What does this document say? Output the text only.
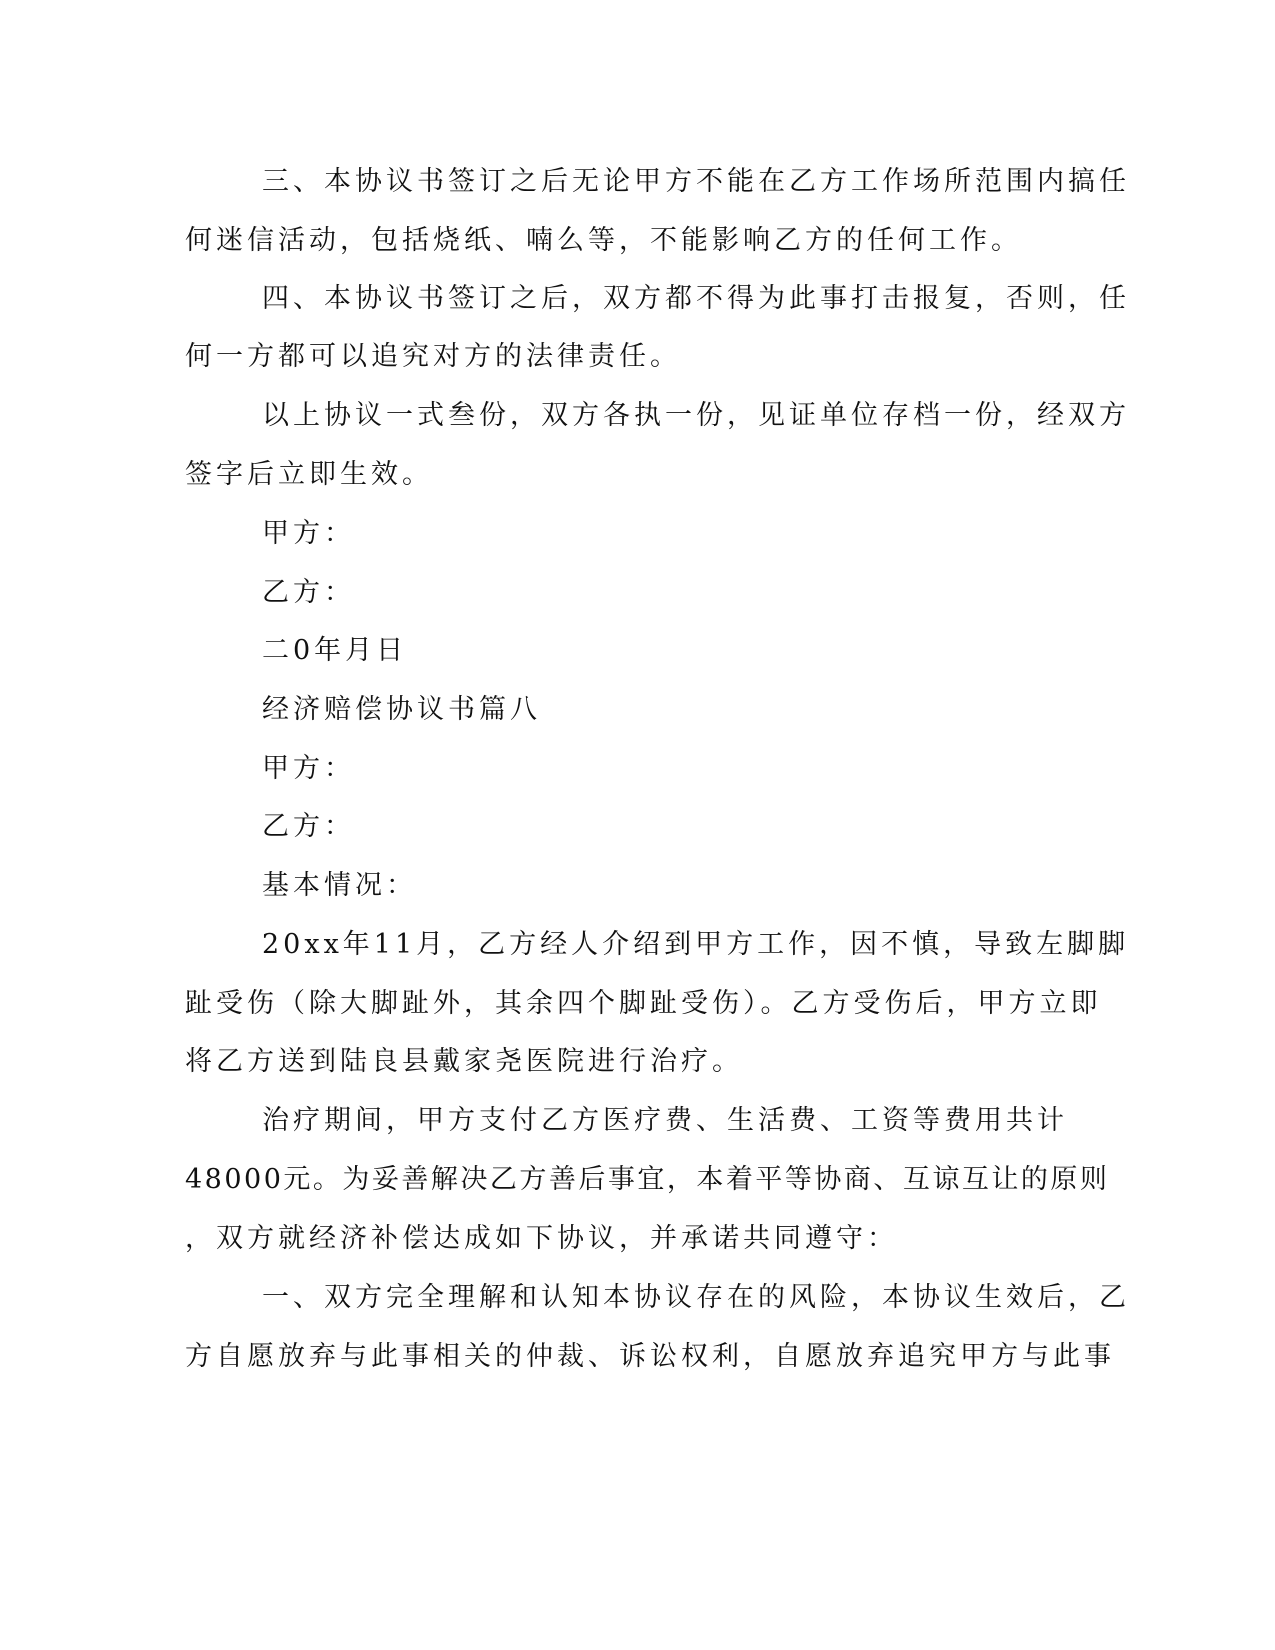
三、本协议书签订之后无论甲方不能在乙方工作场所范围内搞任
何迷信活动，包括烧纸、喃么等，不能影响乙方的任何工作。
四、本协议书签订之后，双方都不得为此事打击报复，否则，任
何一方都可以追究对方的法律责任。
以上协议一式叁份，双方各执一份，见证单位存档一份，经双方
签字后立即生效。
甲方：
乙方：
二0年月日
经济赔偿协议书篇八
甲方：
乙方：
基本情况：
20xx年11月，乙方经人介绍到甲方工作，因不慎，导致左脚脚
趾受伤（除大脚趾外，其余四个脚趾受伤）。乙方受伤后，甲方立即
将乙方送到陆良县戴家尧医院进行治疗。
治疗期间，甲方支付乙方医疗费、生活费、工资等费用共计
48000元。为妥善解决乙方善后事宜，本着平等协商、互谅互让的原则
，双方就经济补偿达成如下协议，并承诺共同遵守：
一、双方完全理解和认知本协议存在的风险，本协议生效后，乙
方自愿放弃与此事相关的仲裁、诉讼权利，自愿放弃追究甲方与此事
